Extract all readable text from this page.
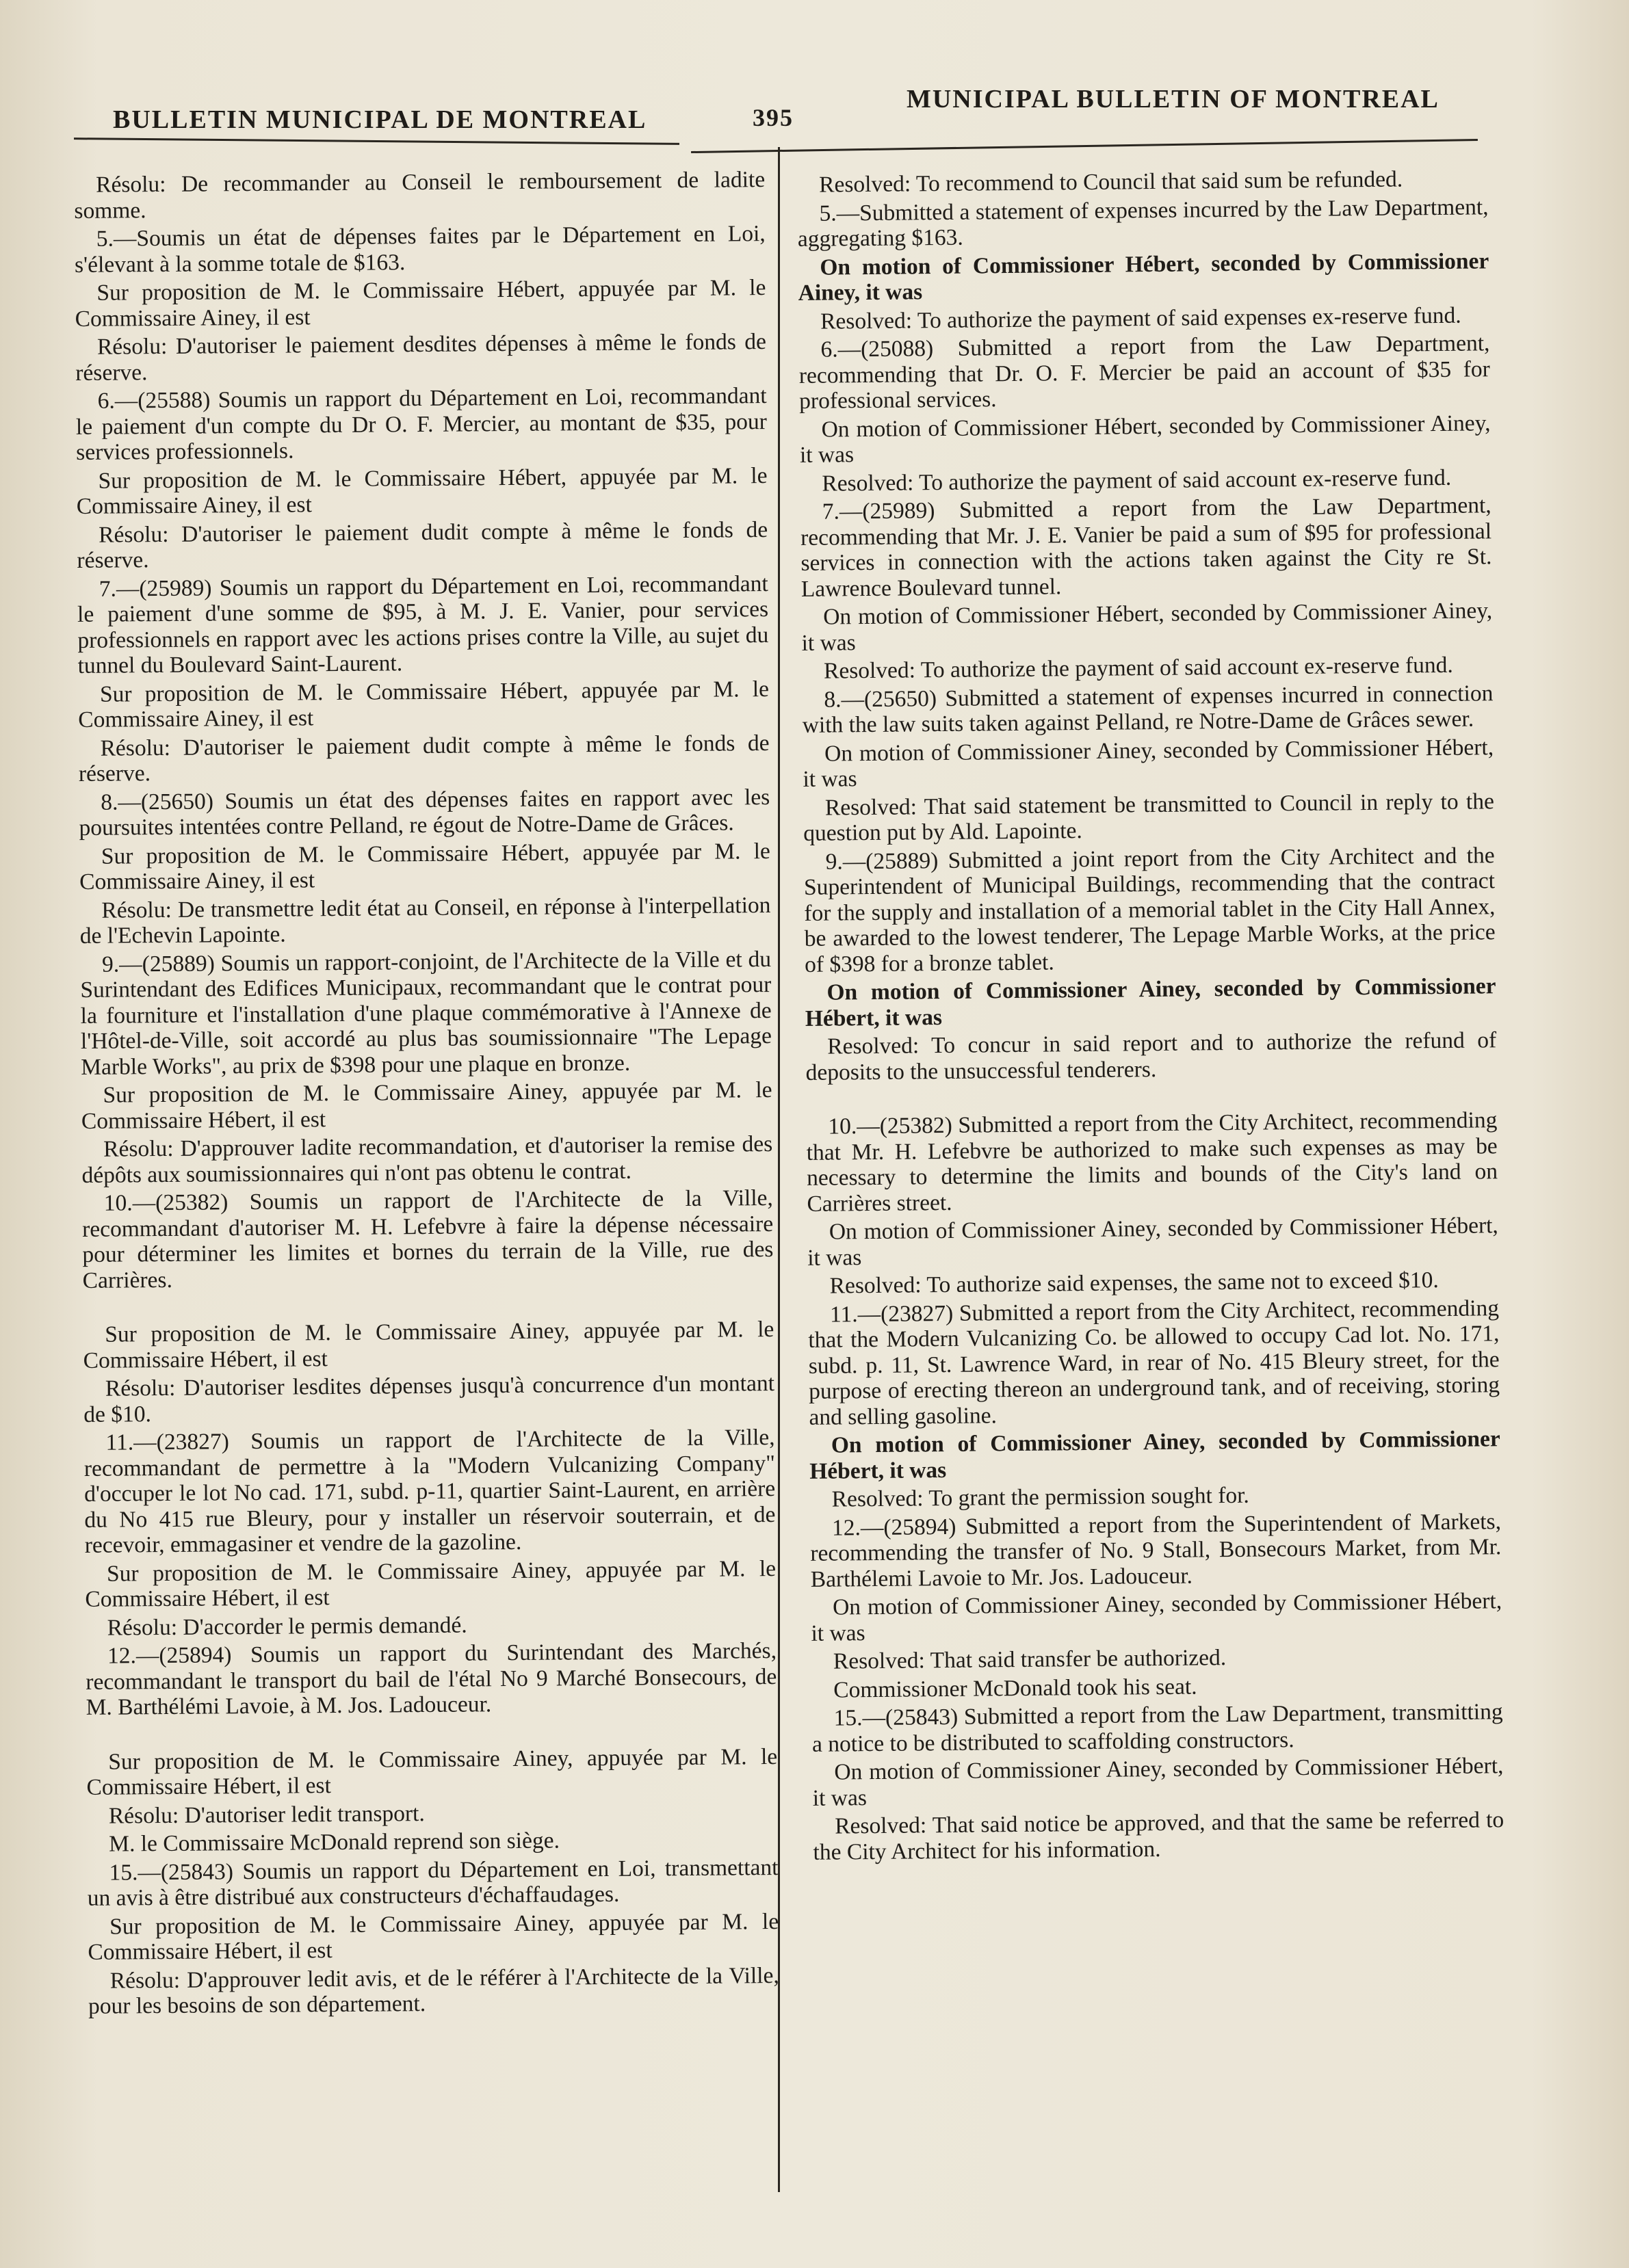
BULLETIN MUNICIPAL DE MONTREAL	395
MUNICIPAL BULLETIN OF MONTREAL

Résolu: De recommander au Conseil le remboursement de ladite somme.

5.—Soumis un état de dépenses faites par le Département en Loi, s'élevant à la somme totale de $163.

Sur proposition de M. le Commissaire Hébert, appuyée par M. le Commissaire Ainey, il est

Résolu: D'autoriser le paiement desdites dépenses à même le fonds de réserve.

6.—(25588) Soumis un rapport du Département en Loi, recommandant le paiement d'un compte du Dr O. F. Mercier, au montant de $35, pour services professionnels.

Sur proposition de M. le Commissaire Hébert, appuyée par M. le Commissaire Ainey, il est

Résolu: D'autoriser le paiement dudit compte à même le fonds de réserve.

7.—(25989) Soumis un rapport du Département en Loi, recommandant le paiement d'une somme de $95, à M. J. E. Vanier, pour services professionnels en rapport avec les actions prises contre la Ville, au sujet du tunnel du Boulevard Saint-Laurent.

Sur proposition de M. le Commissaire Hébert, appuyée par M. le Commissaire Ainey, il est

Résolu: D'autoriser le paiement dudit compte à même le fonds de réserve.

8.—(25650) Soumis un état des dépenses faites en rapport avec les poursuites intentées contre Pelland, re égout de Notre-Dame de Grâces.

Sur proposition de M. le Commissaire Hébert, appuyée par M. le Commissaire Ainey, il est

Résolu: De transmettre ledit état au Conseil, en réponse à l'interpellation de l'Echevin Lapointe.

9.—(25889) Soumis un rapport-conjoint, de l'Architecte de la Ville et du Surintendant des Edifices Municipaux, recommandant que le contrat pour la fourniture et l'installation d'une plaque commémorative à l'Annexe de l'Hôtel-de-Ville, soit accordé au plus bas soumissionnaire "The Lepage Marble Works", au prix de $398 pour une plaque en bronze.

Sur proposition de M. le Commissaire Ainey, appuyée par M. le Commissaire Hébert, il est

Résolu: D'approuver ladite recommandation, et d'autoriser la remise des dépôts aux soumissionnaires qui n'ont pas obtenu le contrat.

10.—(25382) Soumis un rapport de l'Architecte de la Ville, recommandant d'autoriser M. H. Lefebvre à faire la dépense nécessaire pour déterminer les limites et bornes du terrain de la Ville, rue des Carrières.

Sur proposition de M. le Commissaire Ainey, appuyée par M. le Commissaire Hébert, il est

Résolu: D'autoriser lesdites dépenses jusqu'à concurrence d'un montant de $10.

11.—(23827) Soumis un rapport de l'Architecte de la Ville, recommandant de permettre à la "Modern Vulcanizing Company" d'occuper le lot No cad. 171, subd. p-11, quartier Saint-Laurent, en arrière du No 415 rue Bleury, pour y installer un réservoir souterrain, et de recevoir, emmagasiner et vendre de la gazoline.

Sur proposition de M. le Commissaire Ainey, appuyée par M. le Commissaire Hébert, il est

Résolu: D'accorder le permis demandé.

12.—(25894) Soumis un rapport du Surintendant des Marchés, recommandant le transport du bail de l'étal No 9 Marché Bonsecours, de M. Barthélémi Lavoie, à M. Jos. Ladouceur.

Sur proposition de M. le Commissaire Ainey, appuyée par M. le Commissaire Hébert, il est

Résolu: D'autoriser ledit transport.

M. le Commissaire McDonald reprend son siège.

15.—(25843) Soumis un rapport du Département en Loi, transmettant un avis à être distribué aux constructeurs d'échaffaudages.

Sur proposition de M. le Commissaire Ainey, appuyée par M. le Commissaire Hébert, il est

Résolu: D'approuver ledit avis, et de le référer à l'Architecte de la Ville, pour les besoins de son département.

Resolved: To recommend to Council that said sum be refunded.

5.—Submitted a statement of expenses incurred by the Law Department, aggregating $163.

On motion of Commissioner Hébert, seconded by Commissioner Ainey, it was

Resolved: To authorize the payment of said expenses ex-reserve fund.

6.—(25088) Submitted a report from the Law Department, recommending that Dr. O. F. Mercier be paid an account of $35 for professional services.

On motion of Commissioner Hébert, seconded by Commissioner Ainey, it was

Resolved: To authorize the payment of said account ex-reserve fund.

7.—(25989) Submitted a report from the Law Department, recommending that Mr. J. E. Vanier be paid a sum of $95 for professional services in connection with the actions taken against the City re St. Lawrence Boulevard tunnel.

On motion of Commissioner Hébert, seconded by Commissioner Ainey, it was

Resolved: To authorize the payment of said account ex-reserve fund.

8.—(25650) Submitted a statement of expenses incurred in connection with the law suits taken against Pelland, re Notre-Dame de Grâces sewer.

On motion of Commissioner Ainey, seconded by Commissioner Hébert, it was

Resolved: That said statement be transmitted to Council in reply to the question put by Ald. Lapointe.

9.—(25889) Submitted a joint report from the City Architect and the Superintendent of Municipal Buildings, recommending that the contract for the supply and installation of a memorial tablet in the City Hall Annex, be awarded to the lowest tenderer, The Lepage Marble Works, at the price of $398 for a bronze tablet.

On motion of Commissioner Ainey, seconded by Commissioner Hébert, it was

Resolved: To concur in said report and to authorize the refund of deposits to the unsuccessful tenderers.

10.—(25382) Submitted a report from the City Architect, recommending that Mr. H. Lefebvre be authorized to make such expenses as may be necessary to determine the limits and bounds of the City's land on Carrières street.

On motion of Commissioner Ainey, seconded by Commissioner Hébert, it was

Resolved: To authorize said expenses, the same not to exceed $10.

11.—(23827) Submitted a report from the City Architect, recommending that the Modern Vulcanizing Co. be allowed to occupy Cad lot. No. 171, subd. p. 11, St. Lawrence Ward, in rear of No. 415 Bleury street, for the purpose of erecting thereon an underground tank, and of receiving, storing and selling gasoline.

On motion of Commissioner Ainey, seconded by Commissioner Hébert, it was

Resolved: To grant the permission sought for.

12.—(25894) Submitted a report from the Superintendent of Markets, recommending the transfer of No. 9 Stall, Bonsecours Market, from Mr. Barthélemi Lavoie to Mr. Jos. Ladouceur.

On motion of Commissioner Ainey, seconded by Commissioner Hébert, it was

Resolved: That said transfer be authorized.

Commissioner McDonald took his seat.

15.—(25843) Submitted a report from the Law Department, transmitting a notice to be distributed to scaffolding constructors.

On motion of Commissioner Ainey, seconded by Commissioner Hébert, it was

Resolved: That said notice be approved, and that the same be referred to the City Architect for his information.
